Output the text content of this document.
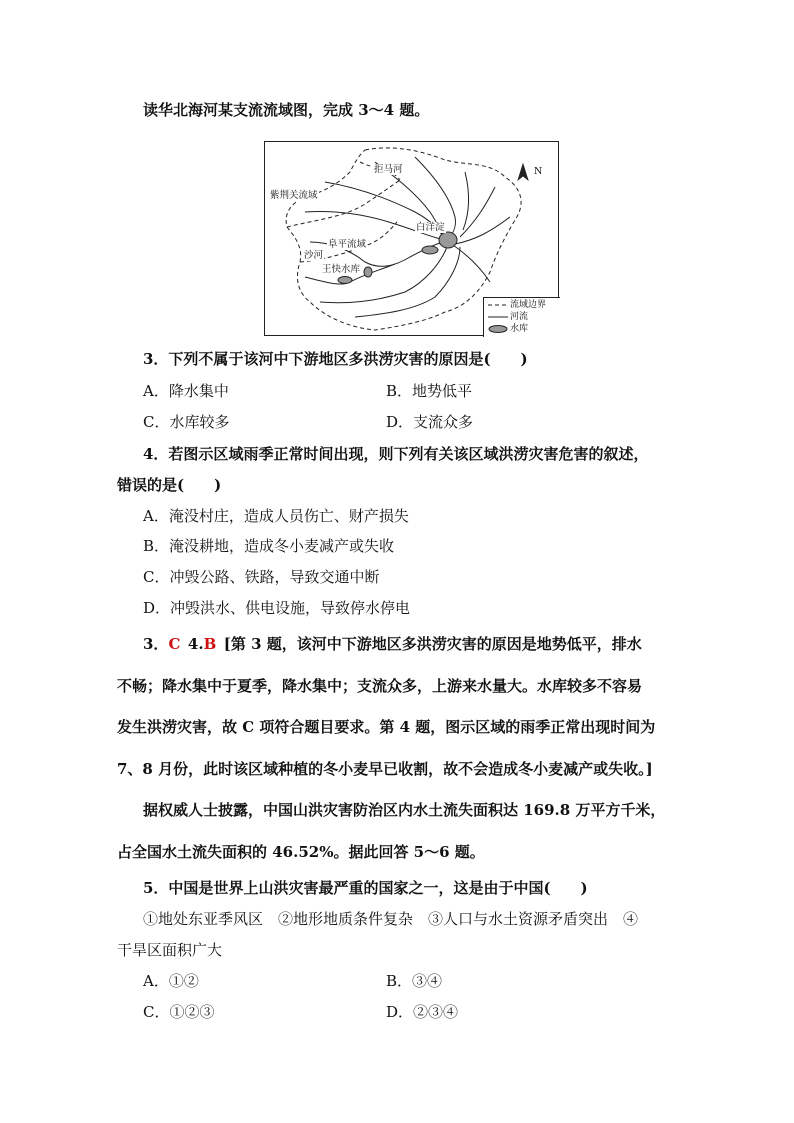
读华北海河某支流流域图，完成 3～4 题。
拒马河
紫荆关流域
白洋淀
阜平流域
沙河
王快水库
N
流域边界
河流
水库
3．下列不属于该河中下游地区多洪涝灾害的原因是(　　)
A．降水集中	B．地势低平
C．水库较多	D．支流众多
4．若图示区域雨季正常时间出现，则下列有关该区域洪涝灾害危害的叙述，
错误的是(　　)
A．淹没村庄，造成人员伤亡、财产损失
B．淹没耕地，造成冬小麦减产或失收
C．冲毁公路、铁路，导致交通中断
D．冲毁洪水、供电设施，导致停水停电
3．C  4.B  [第 3 题，该河中下游地区多洪涝灾害的原因是地势低平，排水
不畅；降水集中于夏季，降水集中；支流众多，上游来水量大。水库较多不容易
发生洪涝灾害，故 C 项符合题目要求。第 4 题，图示区域的雨季正常出现时间为
7、8 月份，此时该区域种植的冬小麦早已收割，故不会造成冬小麦减产或失收。]
据权威人士披露，中国山洪灾害防治区内水土流失面积达 169.8 万平方千米，
占全国水土流失面积的 46.52%。据此回答 5～6 题。
5．中国是世界上山洪灾害最严重的国家之一，这是由于中国(　　)
①地处东亚季风区　②地形地质条件复杂　③人口与水土资源矛盾突出　④
干旱区面积广大
A．①②	B．③④
C．①②③	D．②③④
